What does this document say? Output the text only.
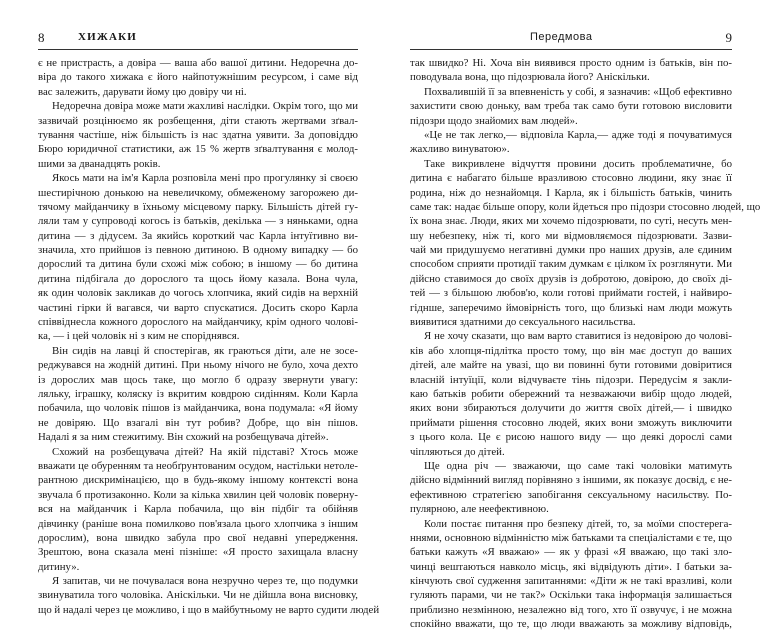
8	ХИЖАКИ
є не пристрасть, а довіра — ваша або вашої дитини. Недоречна до-
віра до такого хижака є його найпотужнішим ресурсом, і саме від
вас залежить, дарувати йому цю довіру чи ні.
Недоречна довіра може мати жахливі наслідки. Окрім того, що ми
зазвичай розцінюємо як розбещення, діти стають жертвами зґвал-
тування частіше, ніж більшість із нас здатна уявити. За доповіддю
Бюро юридичної статистики, аж 15 % жертв зґвалтування є молод-
шими за дванадцять років.
Якось мати на ім'я Карла розповіла мені про прогулянку зі своєю
шестирічною донькою на невеличкому, обмеженому загорожею ди-
тячому майданчику в їхньому місцевому парку. Більшість дітей гу-
ляли там у супроводі когось із батьків, декілька — з няньками, одна
дитина — з дідусем. За якийсь короткий час Карла інтуїтивно ви-
значила, хто прийшов із певною дитиною. В одному випадку — бо
дорослий та дитина були схожі між собою; в іншому — бо дитина
дитина підбігала до дорослого та щось йому казала. Вона чула,
як один чоловік закликав до чогось хлопчика, який сидів на верхній
частині гірки й вагався, чи варто спускатися. Досить скоро Карла
співвіднесла кожного дорослого на майданчику, крім одного чолові-
ка, — і цей чоловік ні з ким не споріднявся.
Він сидів на лавці й спостерігав, як граються діти, але не зосе-
реджувався на жодній дитині. При ньому нічого не було, хоча дехто
із дорослих мав щось таке, що могло б одразу звернути увагу:
ляльку, іграшку, коляску із вкритим ковдрою сидінням. Коли Карла
побачила, що чоловік пішов із майданчика, вона подумала: «Я йому
не довіряю. Що взагалі він тут робив? Добре, що він пішов.
Надалі я за ним стежитиму. Він схожий на розбещувача дітей».
Схожий на розбещувача дітей? На якій підставі? Хтось може
вважати це обуренням та необґрунтованим осудом, настільки нетоле-
рантною дискримінацією, що в будь-якому іншому контексті вона
звучала б протизаконно. Коли за кілька хвилин цей чоловік поверну-
вся на майданчик і Карла побачила, що він підбіг та обійняв
дівчинку (раніше вона помилково пов'язала цього хлопчика з іншим
дорослим), вона швидко забула про свої недавні упередження.
Зрештою, вона сказала мені пізніше: «Я просто захищала власну
дитину».
Я запитав, чи не почувалася вона незручно через те, що подумки
звинуватила того чоловіка. Аніскільки. Чи не дійшла вона висновку,
що й надалі через це можливо, і що в майбутньому не варто судити людей
Передмова	9
так швидко? Ні. Хоча він виявився просто одним із батьків, він по-
поводувала вона, що підозрювала його? Аніскільки.
Похвалившій її за впевненість у собі, я зазначив: «Щоб ефективно
захистити свою доньку, вам треба так само бути готовою висловити
підозри щодо знайомих вам людей».
«Це не так легко,— відповіла Карла,— адже тоді я почуватимуся
жахливо винуватою».
Таке викривлене відчуття провини досить проблематичне, бо
дитина є набагато більше вразливою стосовно людини, яку знає її
родина, ніж до незнайомця. І Карла, як і більшість батьків, чинить
саме так: надає більше опору, коли йдеться про підозри стосовно людей, що
їх вона знає. Люди, яких ми хочемо підозрювати, по суті, несуть мен-
шу небезпеку, ніж ті, кого ми відмовляємося підозрювати. Зазви-
чай ми придушуємо негативні думки про наших друзів, але єдиним
способом сприяти протидії таким думкам є цілком їх розглянути. Ми
дійсно ставимося до своїх друзів із добротою, довірою, до своїх ді-
тей — з більшою любов'ю, коли готові приймати гостей, і найвиро-
гіднше, заперечимо ймовірність того, що близькі нам люди можуть
виявитися здатними до сексуального насильства.
Я не хочу сказати, що вам варто ставитися із недовірою до чолові-
ків або хлопця-підлітка просто тому, що він має доступ до ваших
дітей, але майте на увазі, що ви повинні бути готовими довіритися
власній інтуїції, коли відчуваєте тінь підозри. Передусім я закли-
каю батьків робити обережний та незважаючи вибір щодо людей,
яких вони збираються долучити до життя своїх дітей,— і швидко
приймати рішення стосовно людей, яких вони зможуть виключити
з цього кола. Це є рисою нашого виду — що деякі дорослі сами
чіпляються до дітей.
Ще одна річ — зважаючи, що саме такі чоловіки матимуть
дійсно відмінний вигляд порівняно з іншими, як показує досвід, є не-
ефективною стратегією запобігання сексуальному насильству. По-
пулярною, але неефективною.
Коли постає питання про безпеку дітей, то, за моїми спостерега-
ннями, основною відмінністю між батьками та спеціалістами є те, що
батьки кажуть «Я вважаю» — як у фразі «Я вважаю, що такі зло-
чинці вештаються навколо місць, які відвідують діти». І батьки за-
кінчують свої судження запитаннями: «Діти ж не такі вразливі, коли
гуляють парами, чи не так?» Оскільки така інформація залишається
приблизно незмінною, незалежно від того, хто її озвучує, і не можна
спокійно вважати, що те, що люди вважають за можливу відповідь,
